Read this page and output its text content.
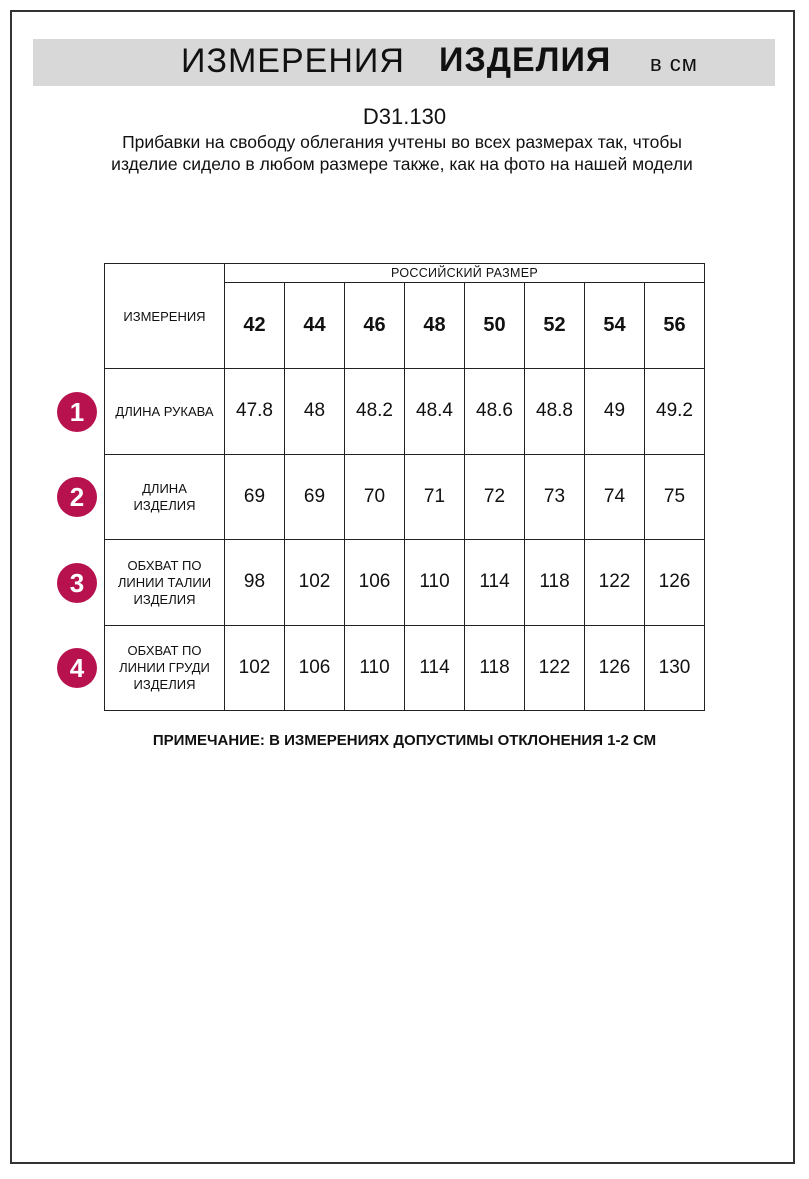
ИЗМЕРЕНИЯ ИЗДЕЛИЯ в см
D31.130
Прибавки на свободу облегания учтены во всех размерах так, чтобы изделие сидело в любом размере также, как на фото на нашей модели
ИЗМЕРЕНИЯ	РОССИЙСКИЙ РАЗМЕР							
	42	44	46	48	50	52	54	56
ДЛИНА РУКАВА	47.8	48	48.2	48.4	48.6	48.8	49	49.2
ДЛИНА ИЗДЕЛИЯ	69	69	70	71	72	73	74	75
ОБХВАТ ПО ЛИНИИ ТАЛИИ ИЗДЕЛИЯ	98	102	106	110	114	118	122	126
ОБХВАТ ПО ЛИНИИ ГРУДИ ИЗДЕЛИЯ	102	106	110	114	118	122	126	130
1
2
3
4
ПРИМЕЧАНИЕ: В ИЗМЕРЕНИЯХ ДОПУСТИМЫ ОТКЛОНЕНИЯ 1-2 СМ
